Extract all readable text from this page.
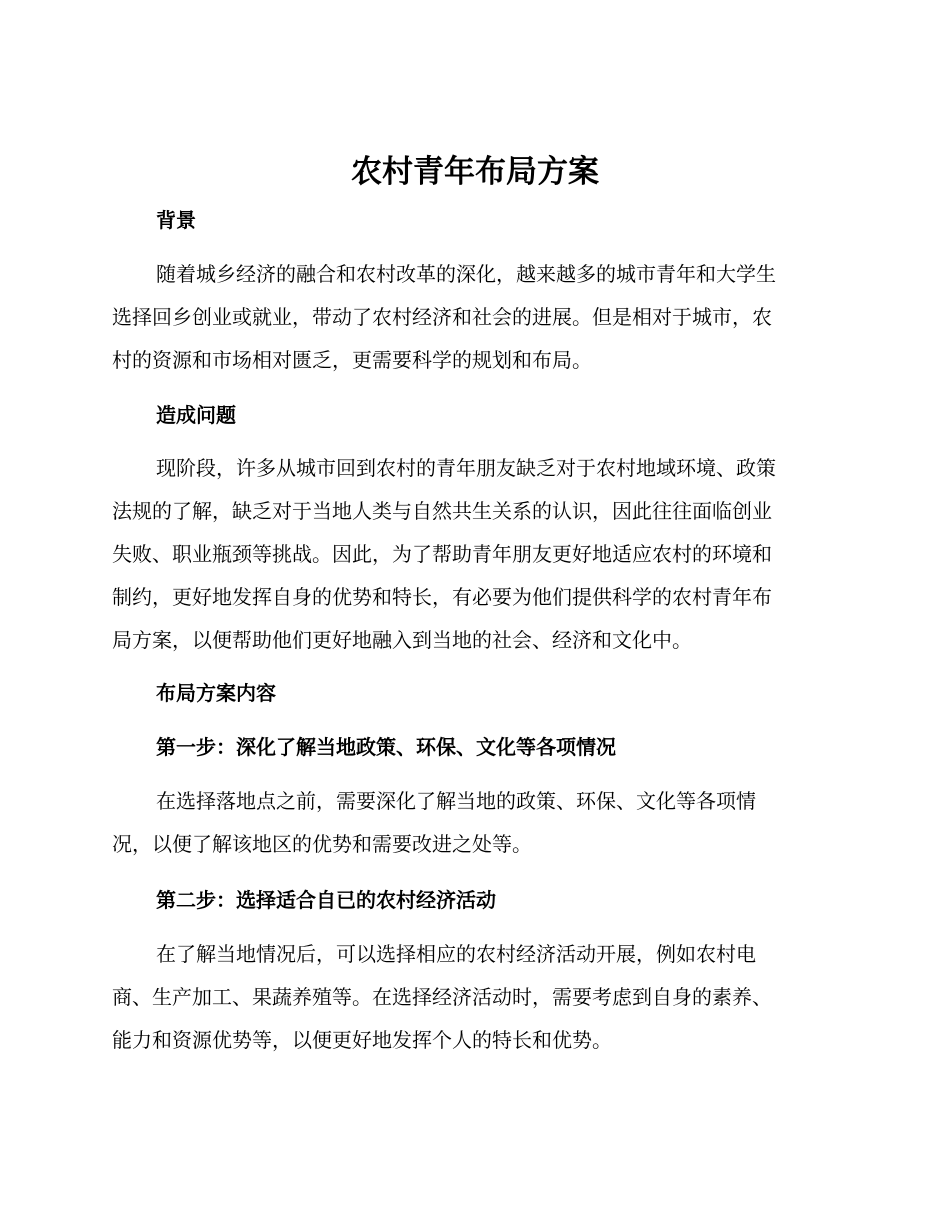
农村青年布局方案
背景

随着城乡经济的融合和农村改革的深化，越来越多的城市青年和大学生
选择回乡创业或就业，带动了农村经济和社会的进展。但是相对于城市，农
村的资源和市场相对匮乏，更需要科学的规划和布局。

造成问题

现阶段，许多从城市回到农村的青年朋友缺乏对于农村地域环境、政策
法规的了解，缺乏对于当地人类与自然共生关系的认识，因此往往面临创业
失败、职业瓶颈等挑战。因此，为了帮助青年朋友更好地适应农村的环境和
制约，更好地发挥自身的优势和特长，有必要为他们提供科学的农村青年布
局方案，以便帮助他们更好地融入到当地的社会、经济和文化中。

布局方案内容
第一步：深化了解当地政策、环保、文化等各项情况

在选择落地点之前，需要深化了解当地的政策、环保、文化等各项情
况，以便了解该地区的优势和需要改进之处等。

第二步：选择适合自已的农村经济活动

在了解当地情况后，可以选择相应的农村经济活动开展，例如农村电
商、生产加工、果蔬养殖等。在选择经济活动时，需要考虑到自身的素养、
能力和资源优势等，以便更好地发挥个人的特长和优势。
